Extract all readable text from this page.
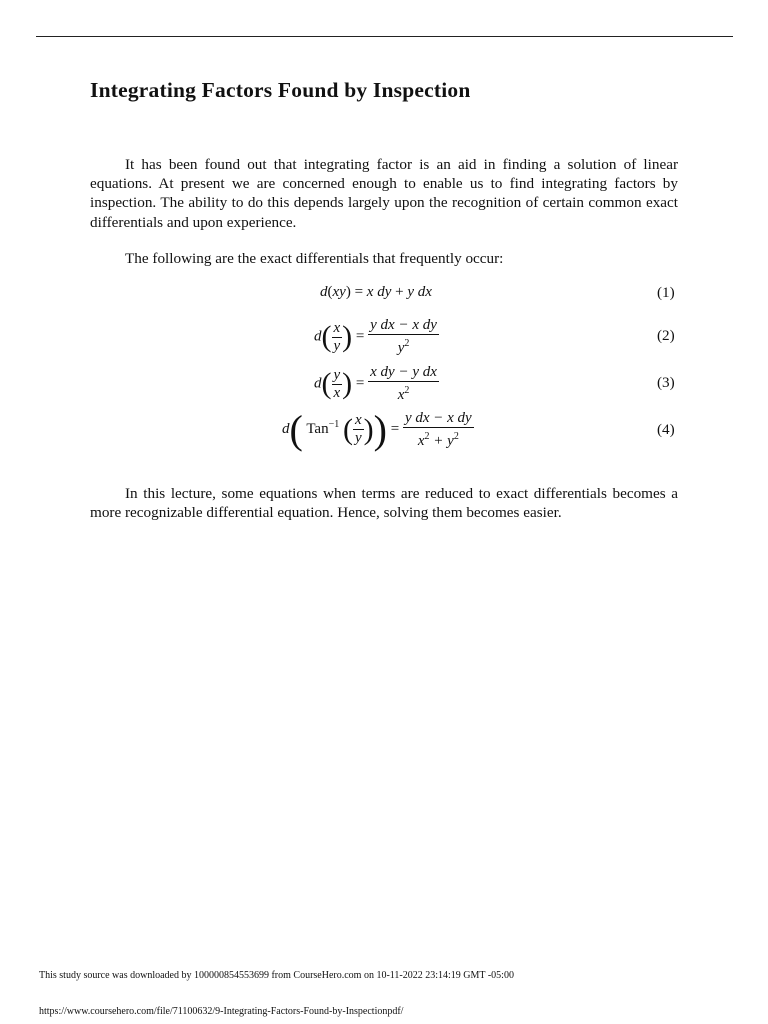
Integrating Factors Found by Inspection

It has been found out that integrating factor is an aid in finding a solution of linear equations. At present we are concerned enough to enable us to find integrating factors by inspection. The ability to do this depends largely upon the recognition of certain common exact differentials and upon experience.

The following are the exact differentials that frequently occur:

d(xy) = x dy + y dx	(1)
$d( \frac{x}{y}$ ) = $\frac{\text{y dx − x dy}}{y^2}$	(2)
$d( \frac{y}{x}$ ) = $\frac{\text{x dy − y dx}}{x^2}$	(3)
d( Tan$^{-1}$ ( $\frac{x}{y}$ )) = $\frac{\text{y dx − x dy}}{x^2 + y^2}$	(4)

In this lecture, some equations when terms are reduced to exact differentials becomes a more recognizable differential equation. Hence, solving them becomes easier.

This study source was downloaded by 100000854553699 from CourseHero.com on 10-11-2022 23:14:19 GMT -05:00

https://www.coursehero.com/file/71100632/9-Integrating-Factors-Found-by-Inspectionpdf/
